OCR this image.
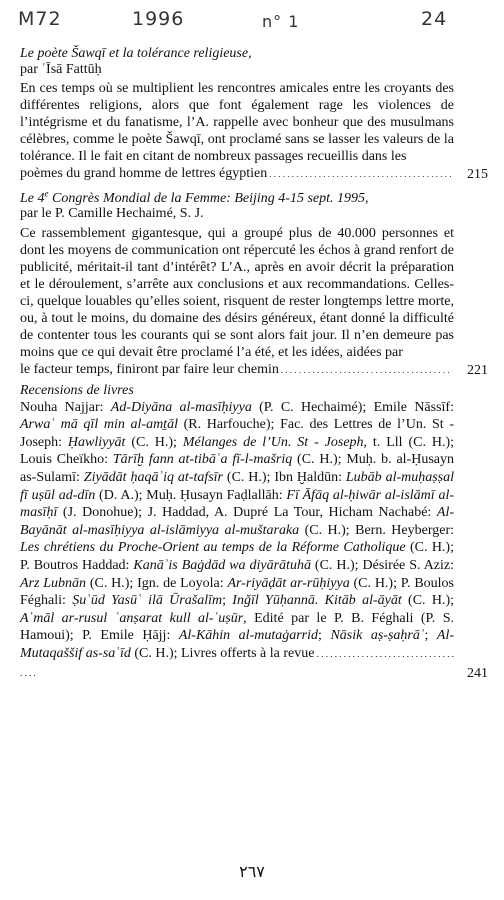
M72	1996	n° 1	24
Le poète Šawqī et la tolérance religieuse,
par ʿĪsā Fattūḥ
En ces temps où se multiplient les rencontres amicales entre les croyants des différentes religions, alors que font également rage les violences de l’intégrisme et du fanatisme, l’A. rappelle avec bonheur que des musulmans célèbres, comme le poète Šawqī, ont proclamé sans se lasser les valeurs de la tolérance. Il le fait en citant de nombreux passages recueillis dans les
poèmes du grand homme de lettres égyptien . . .	215
Le 4e Congrès Mondial de la Femme: Beijing 4-15 sept. 1995,
par le P. Camille Hechaimé, S. J.
Ce rassemblement gigantesque, qui a groupé plus de 40.000 personnes et dont les moyens de communication ont répercuté les échos à grand renfort de publicité, méritait-il tant d’intérêt? L’A., après en avoir décrit la préparation et le déroulement, s’arrête aux conclusions et aux recommandations. Celles-ci, quelque louables qu’elles soient, risquent de rester longtemps lettre morte, ou, à tout le moins, du domaine des désirs généreux, étant donné la difficulté de contenter tous les courants qui se sont alors fait jour. Il n’en demeure pas moins que ce qui devait être proclamé l’a été, et les idées, aidées par
le facteur temps, finiront par faire leur chemin . . .	221
Recensions de livres
Nouha Najjar: Ad-Diyāna al-masīḥiyya (P. C. Hechaimé); Emile Nāssīf: Arwaʿ mā qīl min al-amṯāl (R. Harfouche); Fac. des Lettres de l’Un. St - Joseph: Ḥawliyyāt (C. H.); Mélanges de l’Un. St - Joseph, t. Lll (C. H.); Louis Cheïkho: Tārīḫ fann at-tibāʿa fī-l-mašriq (C. H.); Muḥ. b. al-Ḥusayn as-Sulamī: Ziyādāt ḥaqāʾiq at-tafsīr (C. H.); Ibn Ḫaldūn: Lubāb al-muḥaṣṣal fī uṣūl ad-dīn (D. A.); Muḥ. Ḥusayn Faḍlallāh: Fī Āfāq al-ḥiwār al-islāmī al-masīḥī (J. Donohue); J. Haddad, A. Dupré La Tour, Hicham Nachabé: Al-Bayānāt al-masīḥiyya al-islāmiyya al-muštaraka (C. H.); Bern. Heyberger: Les chrétiens du Proche-Orient au temps de la Réforme Catholique (C. H.); P. Boutros Haddad: Kanāʾis Baġdād wa diyārātuhā (C. H.); Désirée S. Aziz: Arz Lubnān (C. H.); Ign. de Loyola: Ar-riyāḍāt ar-rūḥiyya (C. H.); P. Boulos Féghali: Ṣuʿūd Yasūʿ ilā Ūrašalīm; Inǧīl Yūḥannā. Kitāb al-āyāt (C. H.); Aʿmāl ar-rusul ʿanṣarat kull al-ʿuṣūr, Edité par le P. B. Féghali (P. S. Hamoui); P. Emile Ḥājj: Al-Kāhin al-mutaġarrid; Nāsik aṣ-ṣaḥrāʾ; Al-Mutaqaššif as-saʿīd (C. H.); Livres offerts à la revue . . . . . . . . . . . . . . . . . . . . . . . . . . . . . . . . . . .	241
٢٦٧
